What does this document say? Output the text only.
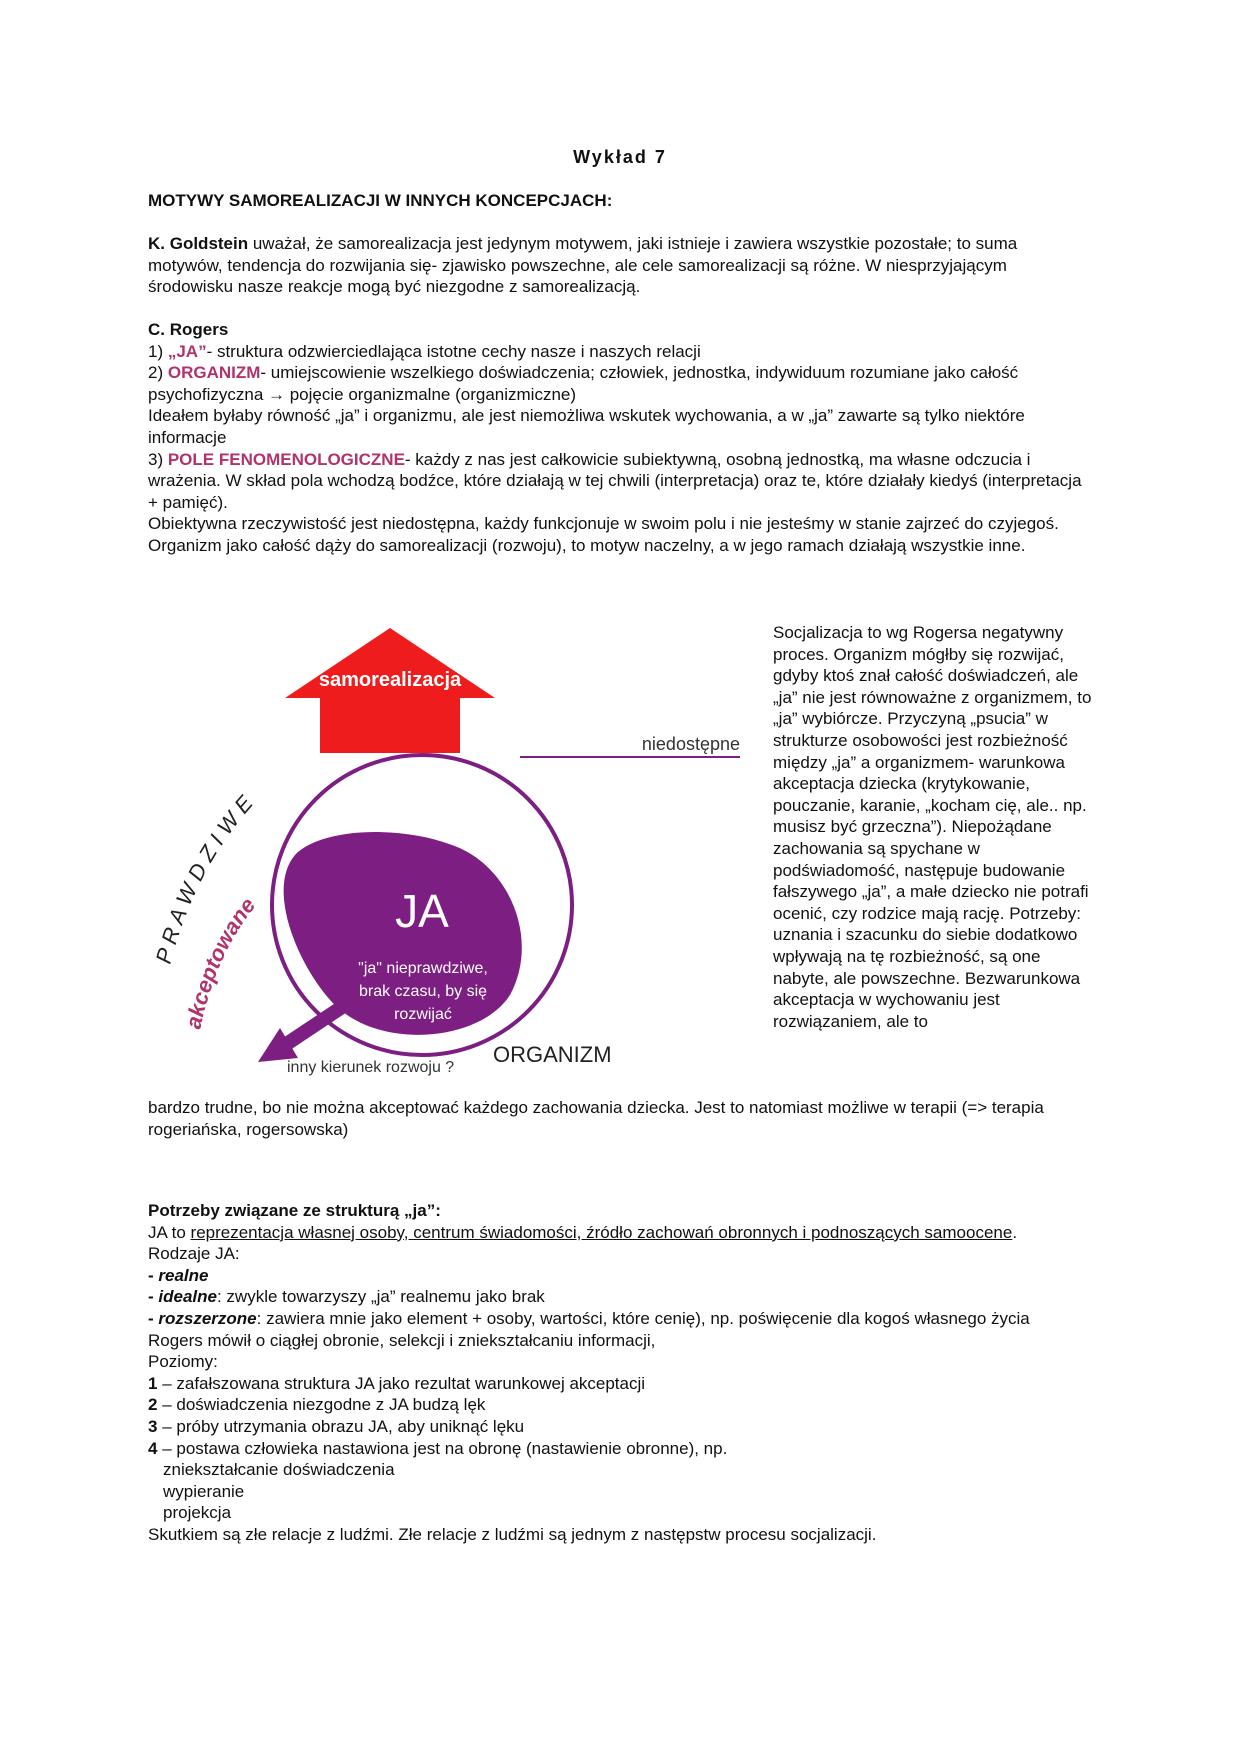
Wykład 7

MOTYWY SAMOREALIZACJI W INNYCH KONCEPCJACH:

K. Goldstein uważał, że samorealizacja jest jedynym motywem, jaki istnieje i zawiera wszystkie pozostałe; to suma motywów, tendencja do rozwijania się- zjawisko powszechne, ale cele samorealizacji są różne. W niesprzyjającym środowisku nasze reakcje mogą być niezgodne z samorealizacją.

C. Rogers
1) „JA”- struktura odzwierciedlająca istotne cechy nasze i naszych relacji
2) ORGANIZM- umiejscowienie wszelkiego doświadczenia; człowiek, jednostka, indywiduum rozumiane jako całość psychofizyczna → pojęcie organizmalne (organizmiczne)
Ideałem byłaby równość „ja” i organizmu, ale jest niemożliwa wskutek wychowania, a w „ja” zawarte są tylko niektóre informacje
3) POLE FENOMENOLOGICZNE- każdy z nas jest całkowicie subiektywną, osobną jednostką, ma własne odczucia i wrażenia. W skład pola wchodzą bodźce, które działają w tej chwili (interpretacja) oraz te, które działały kiedyś (interpretacja + pamięć).
Obiektywna rzeczywistość jest niedostępna, każdy funkcjonuje w swoim polu i nie jesteśmy w stanie zajrzeć do czyjegoś.
Organizm jako całość dąży do samorealizacji (rozwoju), to motyw naczelny, a w jego ramach działają wszystkie inne.
samorealizacja
niedostępne
JA
"ja" nieprawdziwe,
brak czasu, by się
rozwijać
P R A W D Z I W E
akceptowane
inny kierunek rozwoju ?
ORGANIZM

Socjalizacja to wg Rogersa negatywny proces. Organizm mógłby się rozwijać, gdyby ktoś znał całość doświadczeń, ale „ja” nie jest równoważne z organizmem, to „ja” wybiórcze. Przyczyną „psucia” w strukturze osobowości jest rozbieżność między „ja” a organizmem- warunkowa akceptacja dziecka (krytykowanie, pouczanie, karanie, „kocham cię, ale.. np. musisz być grzeczna”). Niepożądane zachowania są spychane w podświadomość, następuje budowanie fałszywego „ja”, a małe dziecko nie potrafi ocenić, czy rodzice mają rację. Potrzeby: uznania i szacunku do siebie dodatkowo wpływają na tę rozbieżność, są one nabyte, ale powszechne. Bezwarunkowa akceptacja w wychowaniu jest rozwiązaniem, ale to

bardzo trudne, bo nie można akceptować każdego zachowania dziecka. Jest to natomiast możliwe w terapii (=> terapia rogeriańska, rogersowska)

Potrzeby związane ze strukturą „ja”:
JA to reprezentacja własnej osoby, centrum świadomości, źródło zachowań obronnych i podnoszących samoocene.
Rodzaje JA:
- realne
- idealne: zwykle towarzyszy „ja” realnemu jako brak
- rozszerzone: zawiera mnie jako element + osoby, wartości, które cenię), np. poświęcenie dla kogoś własnego życia
Rogers mówił o ciągłej obronie, selekcji i zniekształcaniu informacji,
Poziomy:
1 – zafałszowana struktura JA jako rezultat warunkowej akceptacji
2 – doświadczenia niezgodne z JA budzą lęk
3 – próby utrzymania obrazu JA, aby uniknąć lęku
4 – postawa człowieka nastawiona jest na obronę (nastawienie obronne), np.
zniekształcanie doświadczenia
wypieranie
projekcja
Skutkiem są złe relacje z ludźmi. Złe relacje z ludźmi są jednym z następstw procesu socjalizacji.
